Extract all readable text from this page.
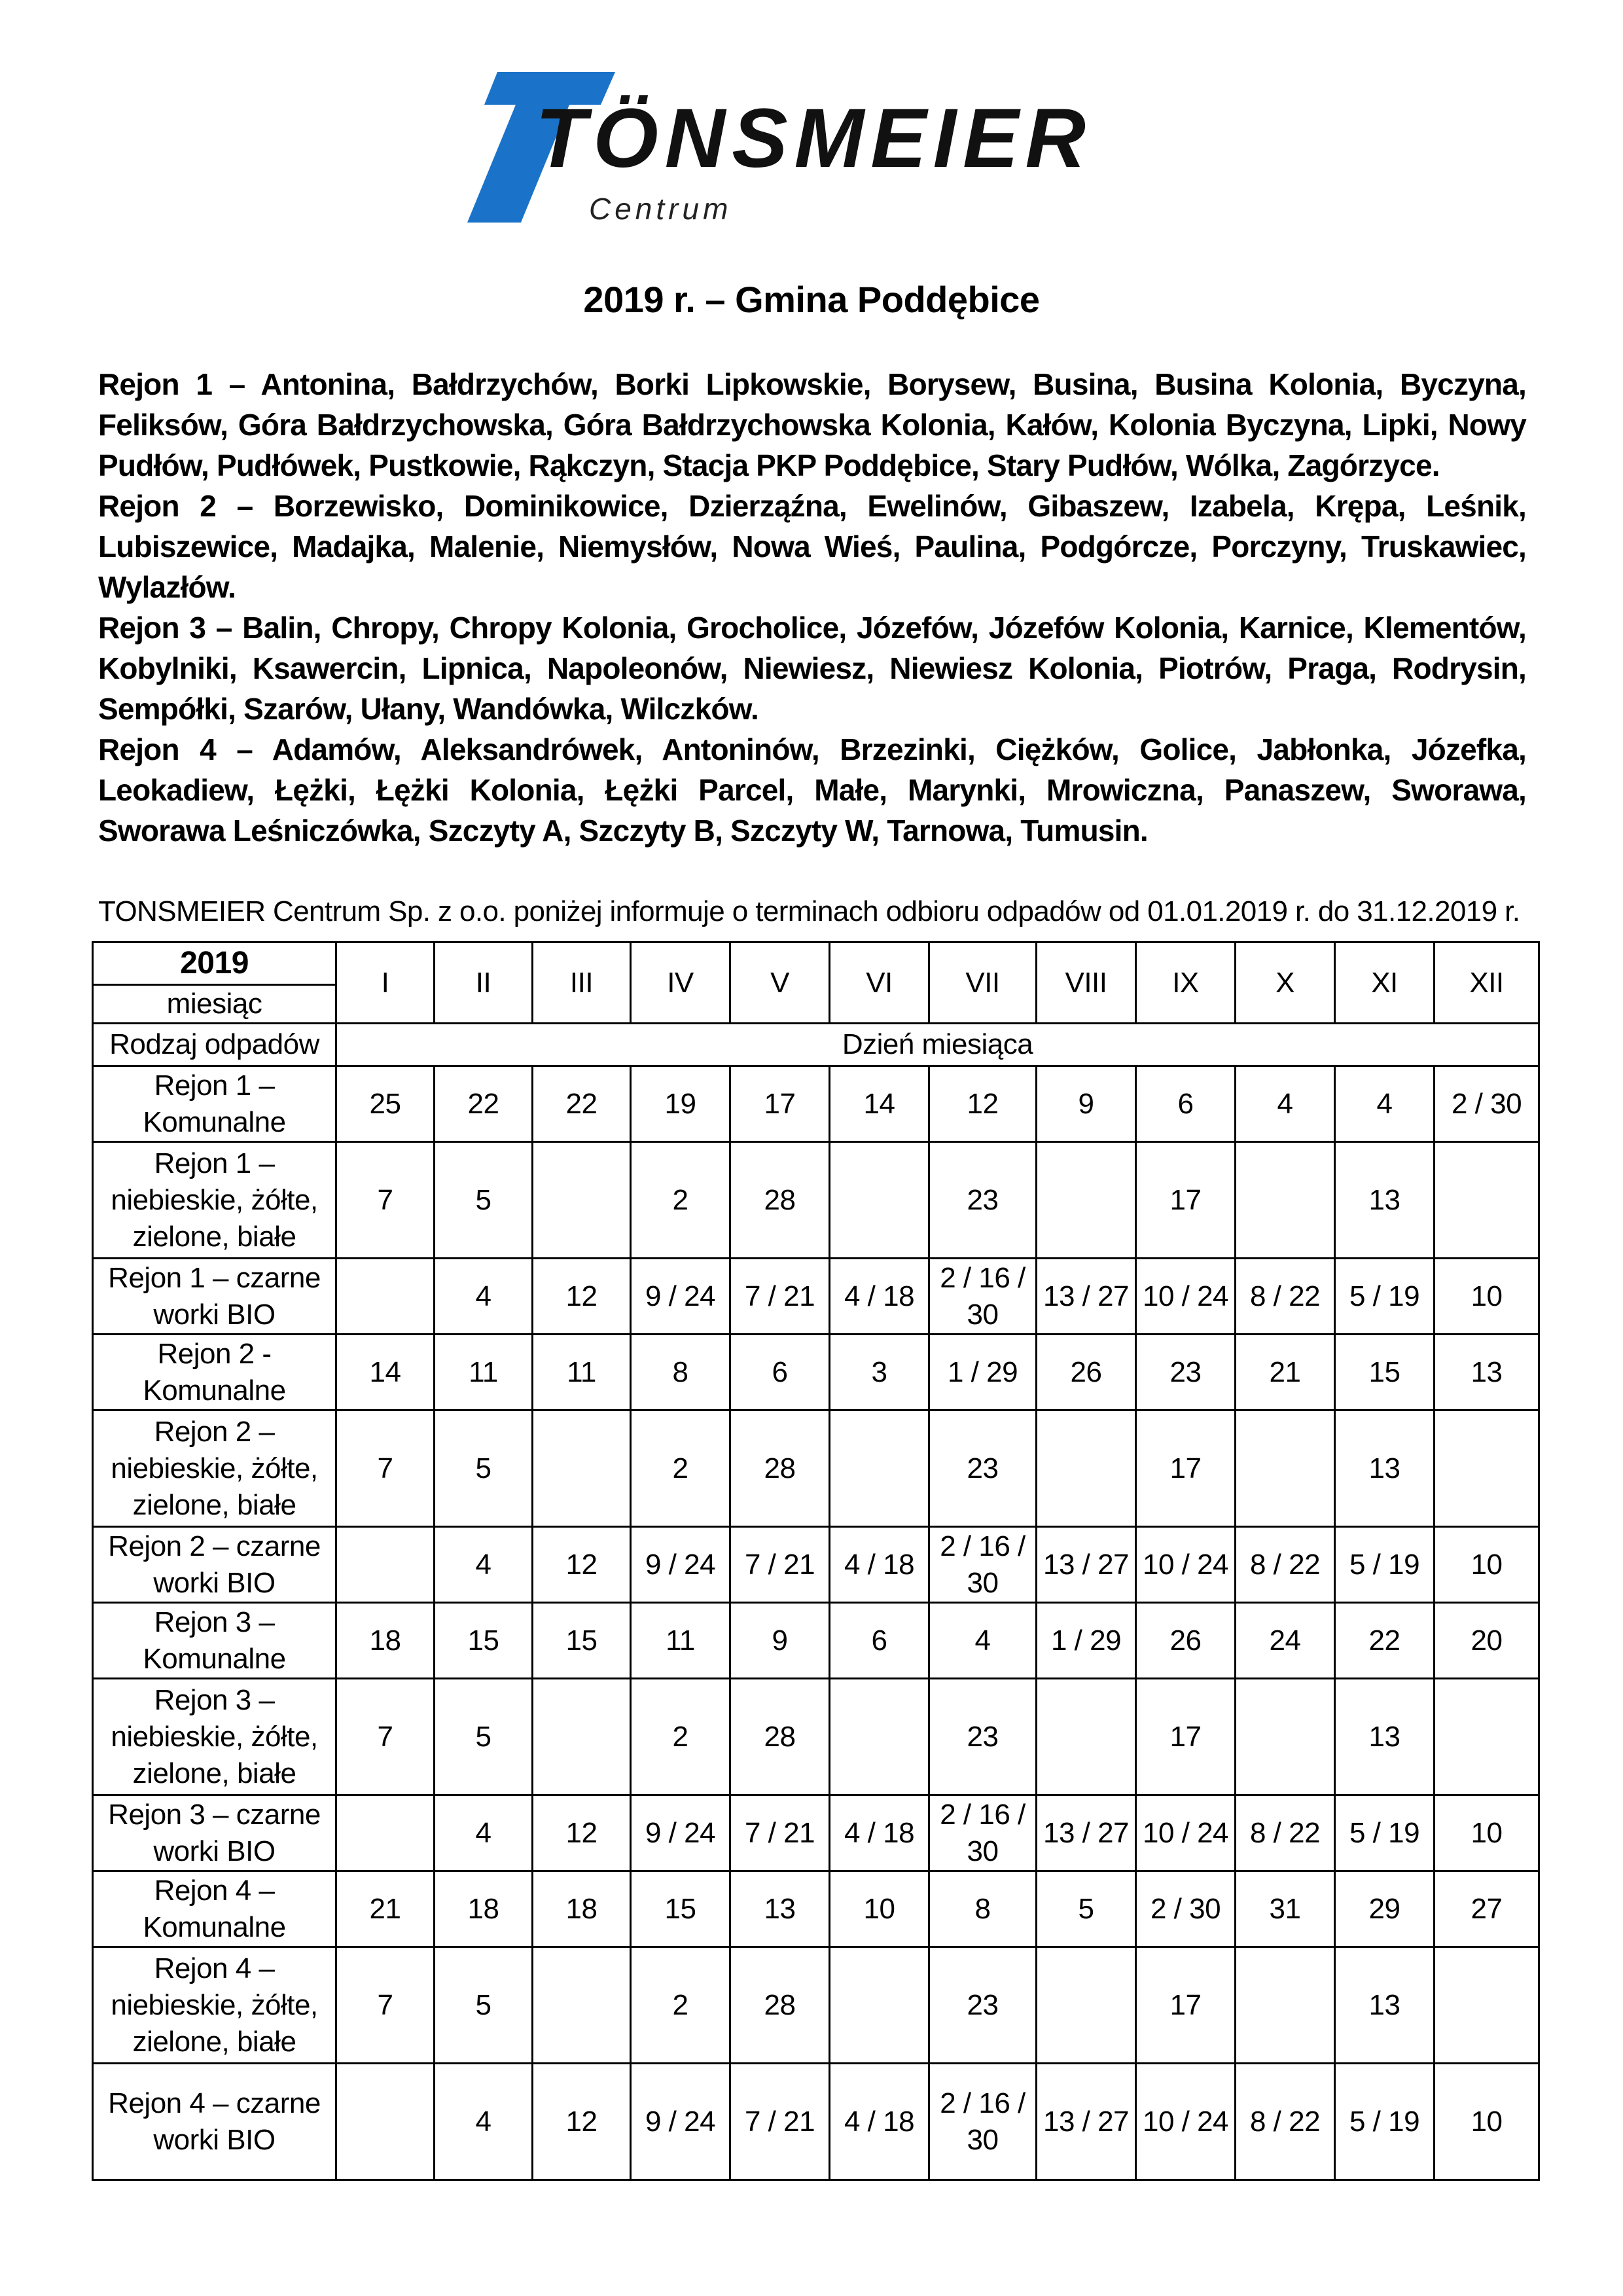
TÖNSMEIER
Centrum
2019 r. – Gmina Poddębice

Rejon 1 – Antonina, Bałdrzychów, Borki Lipkowskie, Borysew, Busina, Busina Kolonia, Byczyna, Feliksów, Góra Bałdrzychowska, Góra Bałdrzychowska Kolonia, Kałów, Kolonia Byczyna, Lipki, Nowy Pudłów, Pudłówek, Pustkowie, Rąkczyn, Stacja PKP Poddębice, Stary Pudłów, Wólka, Zagórzyce.

Rejon 2 – Borzewisko, Dominikowice, Dzierząźna, Ewelinów, Gibaszew, Izabela, Krępa, Leśnik, Lubiszewice, Madajka, Malenie, Niemysłów, Nowa Wieś, Paulina, Podgórcze, Porczyny, Truskawiec, Wylazłów.

Rejon 3 – Balin, Chropy, Chropy Kolonia, Grocholice, Józefów, Józefów Kolonia, Karnice, Klementów, Kobylniki, Ksawercin, Lipnica, Napoleonów, Niewiesz, Niewiesz Kolonia, Piotrów, Praga, Rodrysin, Sempółki, Szarów, Ułany, Wandówka, Wilczków.

Rejon 4 – Adamów, Aleksandrówek, Antoninów, Brzezinki, Ciężków, Golice, Jabłonka, Józefka, Leokadiew, Łężki, Łężki Kolonia, Łężki Parcel, Małe, Marynki, Mrowiczna, Panaszew, Sworawa, Sworawa Leśniczówka, Szczyty A, Szczyty B, Szczyty W, Tarnowa, Tumusin.

TONSMEIER Centrum Sp. z o.o. poniżej informuje o terminach odbioru odpadów od 01.01.2019 r. do 31.12.2019 r.
2019	I	II	III	IV	V	VI	VII	VIII	IX	X	XI	XII
miesiąc												
Rodzaj odpadów	Dzień miesiąca											
Rejon 1 – Komunalne	25	22	22	19	17	14	12	9	6	4	4	2 / 30
Rejon 1 – niebieskie, żółte, zielone, białe	7	5		2	28		23		17		13	
Rejon 1 – czarne worki BIO		4	12	9 / 24	7 / 21	4 / 18	2 / 16 / 30	13 / 27	10 / 24	8 / 22	5 / 19	10
Rejon 2 - Komunalne	14	11	11	8	6	3	1 / 29	26	23	21	15	13
Rejon 2 – niebieskie, żółte, zielone, białe	7	5		2	28		23		17		13	
Rejon 2 – czarne worki BIO		4	12	9 / 24	7 / 21	4 / 18	2 / 16 / 30	13 / 27	10 / 24	8 / 22	5 / 19	10
Rejon 3 – Komunalne	18	15	15	11	9	6	4	1 / 29	26	24	22	20
Rejon 3 – niebieskie, żółte, zielone, białe	7	5		2	28		23		17		13	
Rejon 3 – czarne worki BIO		4	12	9 / 24	7 / 21	4 / 18	2 / 16 / 30	13 / 27	10 / 24	8 / 22	5 / 19	10
Rejon 4 – Komunalne	21	18	18	15	13	10	8	5	2 / 30	31	29	27
Rejon 4 – niebieskie, żółte, zielone, białe	7	5		2	28		23		17		13	
Rejon 4 – czarne worki BIO		4	12	9 / 24	7 / 21	4 / 18	2 / 16 / 30	13 / 27	10 / 24	8 / 22	5 / 19	10
